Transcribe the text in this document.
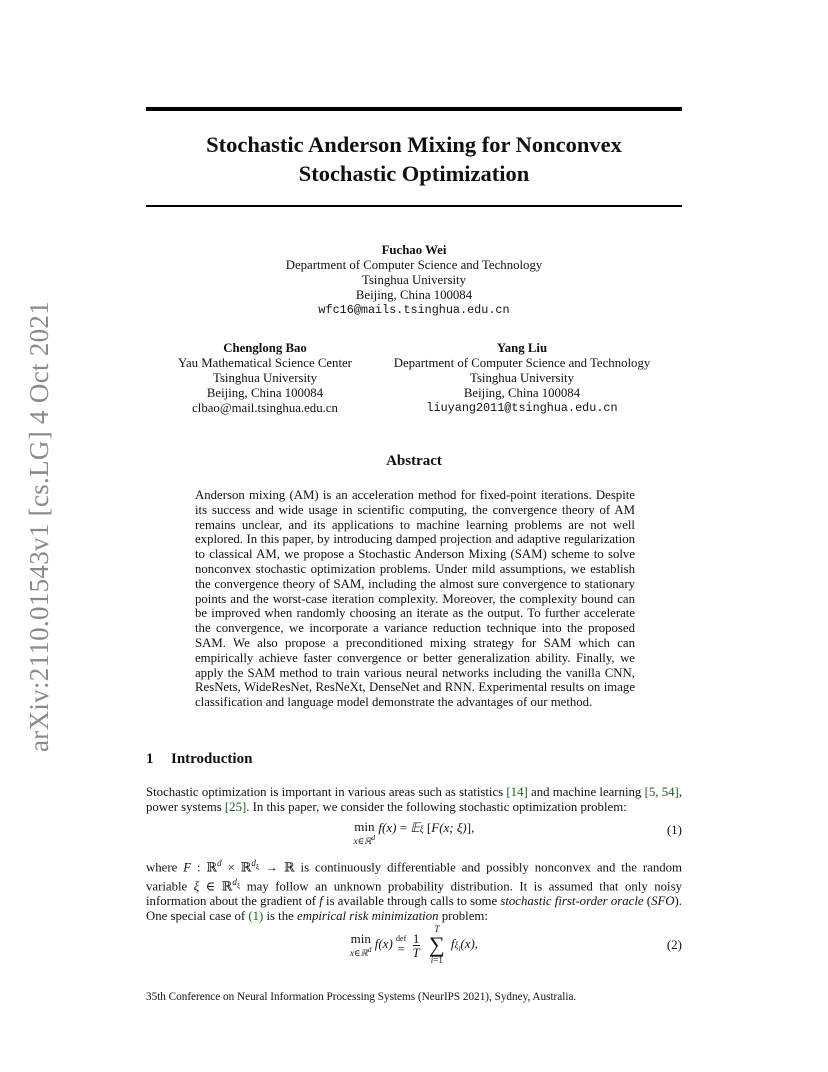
arXiv:2110.01543v1 [cs.LG] 4 Oct 2021
Stochastic Anderson Mixing for Nonconvex
Stochastic Optimization
Fuchao Wei
Department of Computer Science and Technology
Tsinghua University
Beijing, China 100084
wfc16@mails.tsinghua.edu.cn
Chenglong Bao
Yau Mathematical Science Center
Tsinghua University
Beijing, China 100084
clbao@mail.tsinghua.edu.cn
Yang Liu
Department of Computer Science and Technology
Tsinghua University
Beijing, China 100084
liuyang2011@tsinghua.edu.cn
Abstract
Anderson mixing (AM) is an acceleration method for fixed-point iterations. Despite its success and wide usage in scientific computing, the convergence theory of AM remains unclear, and its applications to machine learning problems are not well explored. In this paper, by introducing damped projection and adaptive regularization to classical AM, we propose a Stochastic Anderson Mixing (SAM) scheme to solve nonconvex stochastic optimization problems. Under mild assumptions, we establish the convergence theory of SAM, including the almost sure convergence to stationary points and the worst-case iteration complexity. Moreover, the complexity bound can be improved when randomly choosing an iterate as the output. To further accelerate the convergence, we incorporate a variance reduction technique into the proposed SAM. We also propose a preconditioned mixing strategy for SAM which can empirically achieve faster convergence or better generalization ability. Finally, we apply the SAM method to train various neural networks including the vanilla CNN, ResNets, WideResNet, ResNeXt, DenseNet and RNN. Experimental results on image classification and language model demonstrate the advantages of our method.
1 Introduction
Stochastic optimization is important in various areas such as statistics [14] and machine learning [5, 54], power systems [25]. In this paper, we consider the following stochastic optimization problem:
min
x∈ℝ$^d$
f(x) = 𝔼ξ [F(x; ξ)],	(1)
where F : ℝ$^d$ × ℝ$^{d_\xi}$ → ℝ is continuously differentiable and possibly nonconvex and the random variable ξ ∈ ℝ$^{d_\xi}$ may follow an unknown probability distribution. It is assumed that only noisy information about the gradient of f is available through calls to some stochastic first-order oracle (SFO). One special case of (1) is the empirical risk minimization problem:
min
x∈ℝ$^d$ f(x) def
=
$\frac{1}{T}$

T
∑
i=1
$f\xi_i(x)$,	(2)
35th Conference on Neural Information Processing Systems (NeurIPS 2021), Sydney, Australia.
